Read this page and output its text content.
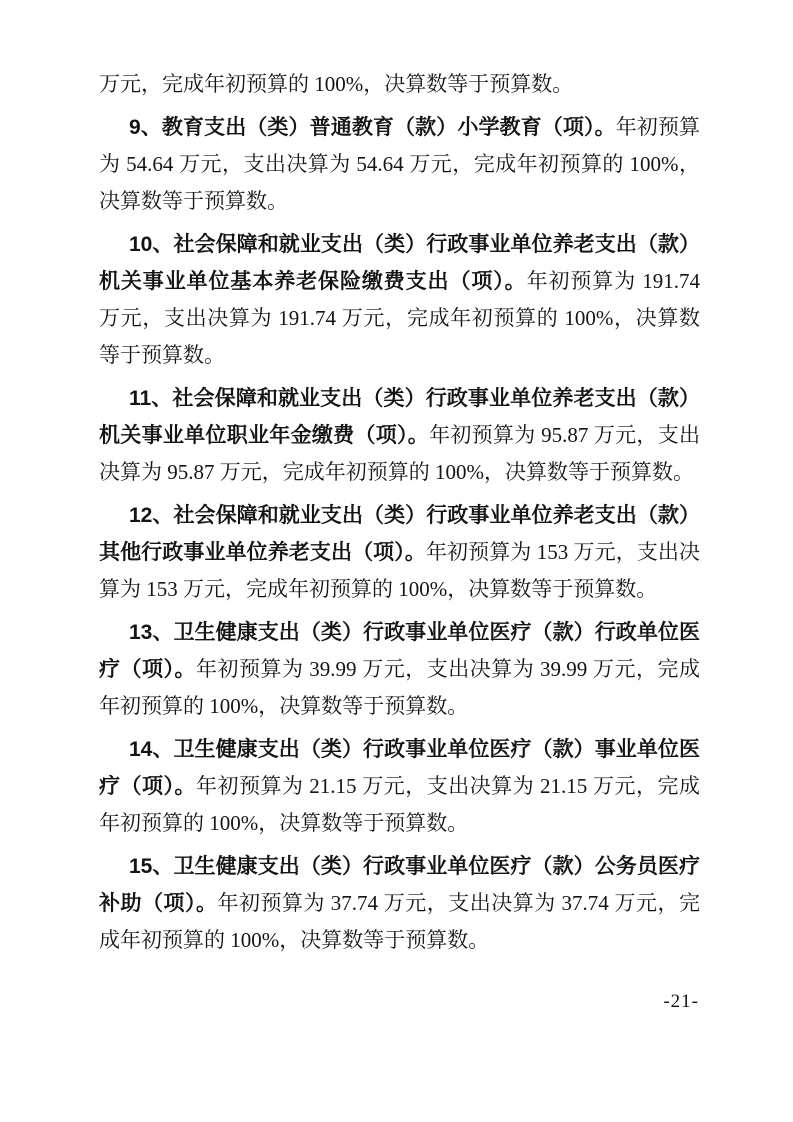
万元，完成年初预算的 100%，决算数等于预算数。

9、教育支出（类）普通教育（款）小学教育（项）。年初预算为 54.64 万元，支出决算为 54.64 万元，完成年初预算的 100%，决算数等于预算数。

10、社会保障和就业支出（类）行政事业单位养老支出（款）机关事业单位基本养老保险缴费支出（项）。年初预算为 191.74 万元，支出决算为 191.74 万元，完成年初预算的 100%，决算数等于预算数。

11、社会保障和就业支出（类）行政事业单位养老支出（款）机关事业单位职业年金缴费（项）。年初预算为 95.87 万元，支出决算为 95.87 万元，完成年初预算的 100%，决算数等于预算数。

12、社会保障和就业支出（类）行政事业单位养老支出（款）其他行政事业单位养老支出（项）。年初预算为 153 万元，支出决算为 153 万元，完成年初预算的 100%，决算数等于预算数。

13、卫生健康支出（类）行政事业单位医疗（款）行政单位医疗（项）。年初预算为 39.99 万元，支出决算为 39.99 万元，完成年初预算的 100%，决算数等于预算数。

14、卫生健康支出（类）行政事业单位医疗（款）事业单位医疗（项）。年初预算为 21.15 万元，支出决算为 21.15 万元，完成年初预算的 100%，决算数等于预算数。

15、卫生健康支出（类）行政事业单位医疗（款）公务员医疗补助（项）。年初预算为 37.74 万元，支出决算为 37.74 万元，完成年初预算的 100%，决算数等于预算数。

-21-
